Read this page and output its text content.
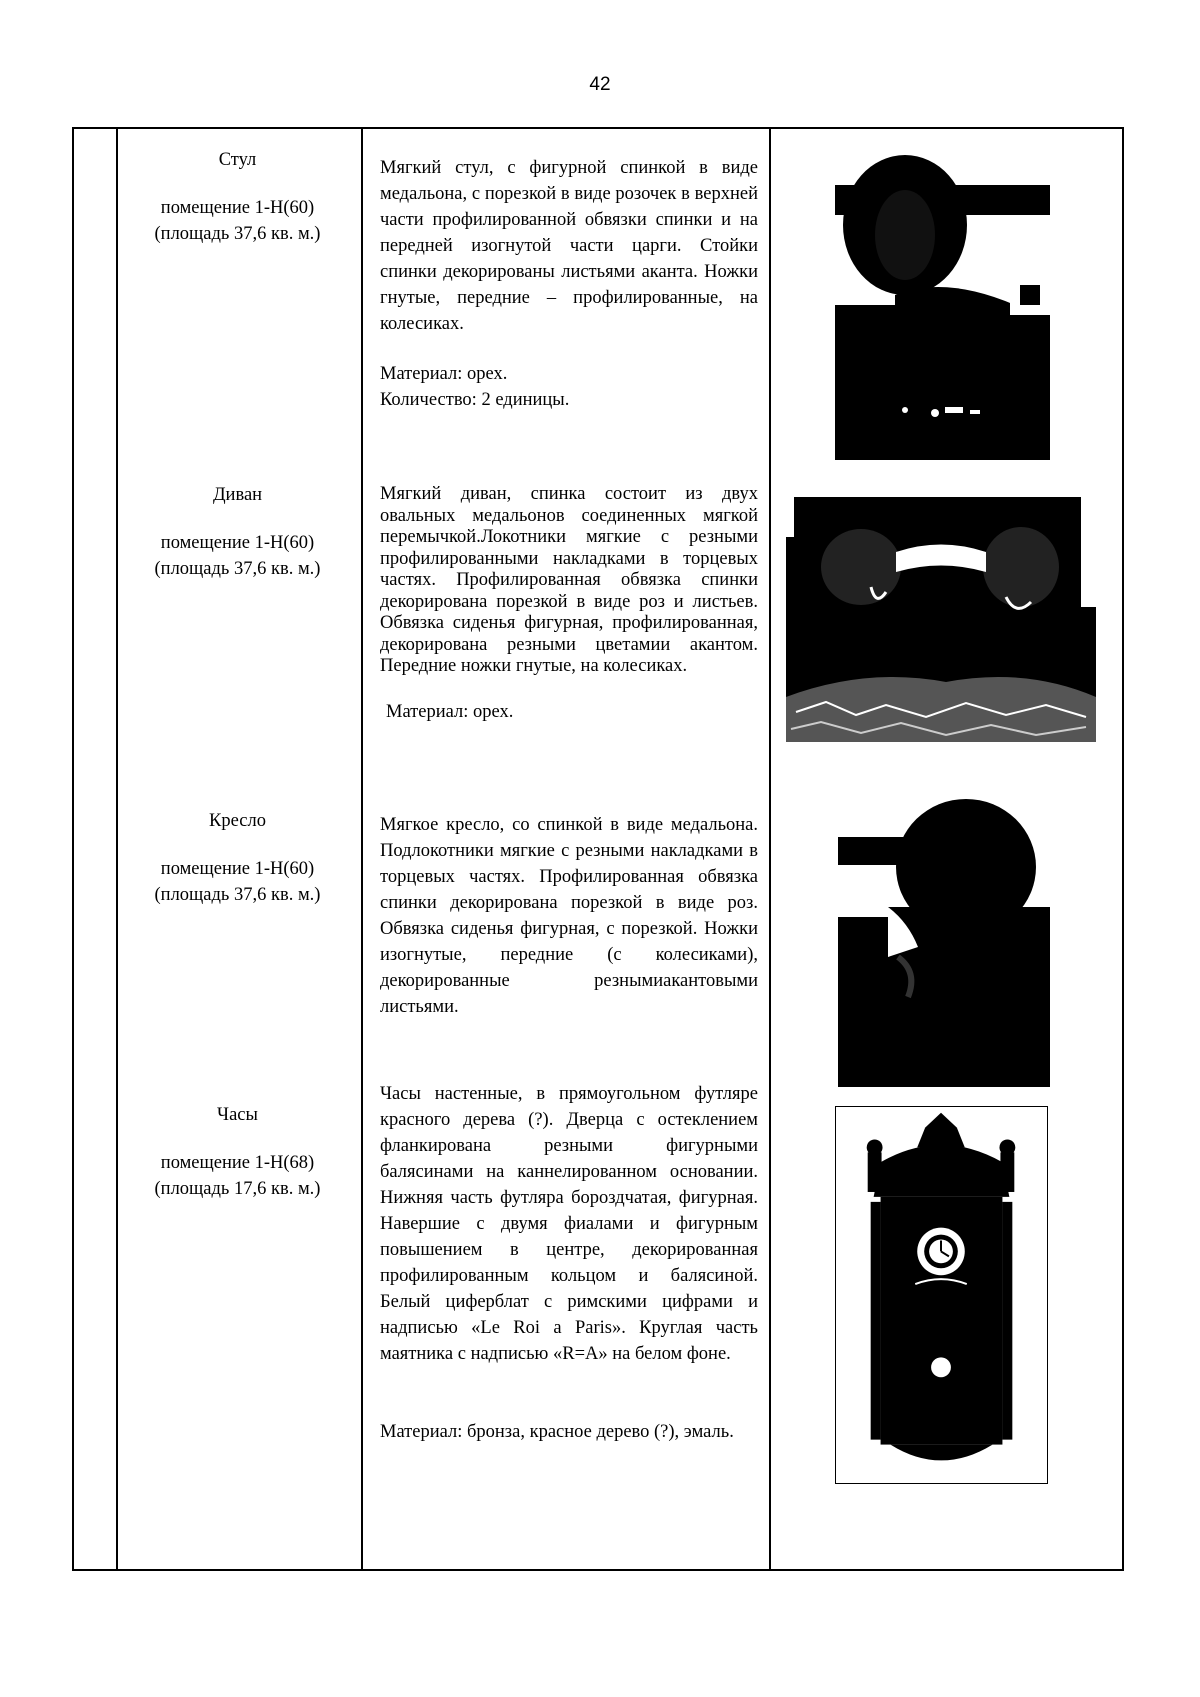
42
Стул
помещение 1-Н(60)
(площадь 37,6 кв. м.)
Мягкий стул, с фигурной спинкой в виде медальона, с порезкой в виде розочек в верхней части профилированной обвязки спинки и на передней изогнутой части царги. Стойки спинки декорированы листьями аканта. Ножки гнутые, передние – профилированные, на колесиках.
Материал: орех.
Количество: 2 единицы.
Диван
помещение 1-Н(60)
(площадь 37,6 кв. м.)
Мягкий диван, спинка состоит из двух овальных медальонов соединенных мягкой перемычкой.Локотники мягкие с резными профилированными накладками в торцевых частях. Профилированная обвязка спинки декорирована порезкой в виде роз и листьев. Обвязка сиденья фигурная, профилированная, декорирована резными цветамии акантом. Передние ножки гнутые, на колесиках.
Материал: орех.
Кресло
помещение 1-Н(60)
(площадь 37,6 кв. м.)
Мягкое кресло, со спинкой в виде медальона. Подлокотники мягкие с резными накладками в торцевых частях. Профилированная обвязка спинки декорирована порезкой в виде роз. Обвязка сиденья фигурная, с порезкой. Ножки изогнутые, передние (с колесиками), декорированные резнымиакантовыми листьями.
Часы
помещение 1-Н(68)
(площадь 17,6 кв. м.)
Часы настенные, в прямоугольном футляре красного дерева (?). Дверца с остеклением фланкирована резными фигурными балясинами на каннелированном основании. Нижняя часть футляра бороздчатая, фигурная. Навершие с двумя фиалами и фигурным повышением в центре, декорированная профилированным кольцом и балясиной. Белый циферблат с римскими цифрами и надписью «Le Roi a Paris». Круглая часть маятника с надписью «R=A» на белом фоне.
Материал: бронза, красное дерево (?), эмаль.
